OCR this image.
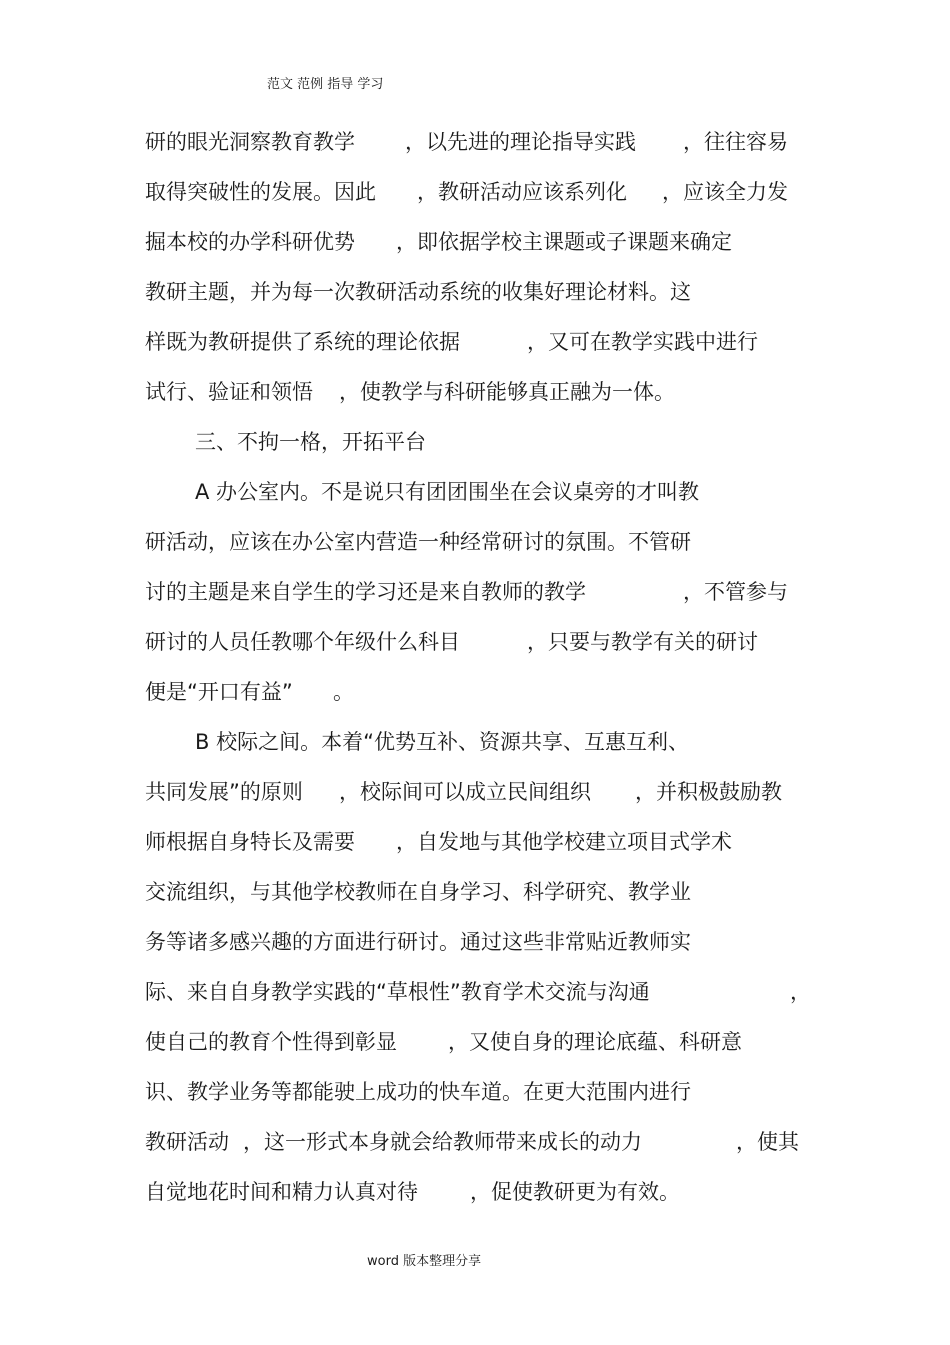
范文 范例 指导 学习
研的眼光洞察教育教学 ，以先进的理论指导实践 ，往往容易
取得突破性的发展。因此 ，教研活动应该系列化 ，应该全力发
掘本校的办学科研优势 ，即依据学校主课题或子课题来确定
教研主题，并为每一次教研活动系统的收集好理论材料。这
样既为教研提供了系统的理论依据	，又可在教学实践中进行
试行、验证和领悟 ，使教学与科研能够真正融为一体。
三、不拘一格，开拓平台
A 办公室内。不是说只有团团围坐在会议桌旁的才叫教
研活动，应该在办公室内营造一种经常研讨的氛围。不管研
讨的主题是来自学生的学习还是来自教师的教学	，不管参与
研讨的人员任教哪个年级什么科目	，只要与教学有关的研讨
便是“开口有益” 。
B 校际之间。本着“优势互补、资源共享、互惠互利、
共同发展”的原则 ，校际间可以成立民间组织 ，并积极鼓励教
师根据自身特长及需要 ，自发地与其他学校建立项目式学术
交流组织，与其他学校教师在自身学习、科学研究、教学业
务等诸多感兴趣的方面进行研讨。通过这些非常贴近教师实
际、来自自身教学实践的“草根性”教育学术交流与沟通	，
使自己的教育个性得到彰显 ，又使自身的理论底蕴、科研意
识、教学业务等都能驶上成功的快车道。在更大范围内进行
教研活动 ，这一形式本身就会给教师带来成长的动力	，使其
自觉地花时间和精力认真对待 ，促使教研更为有效。
word 版本整理分享
